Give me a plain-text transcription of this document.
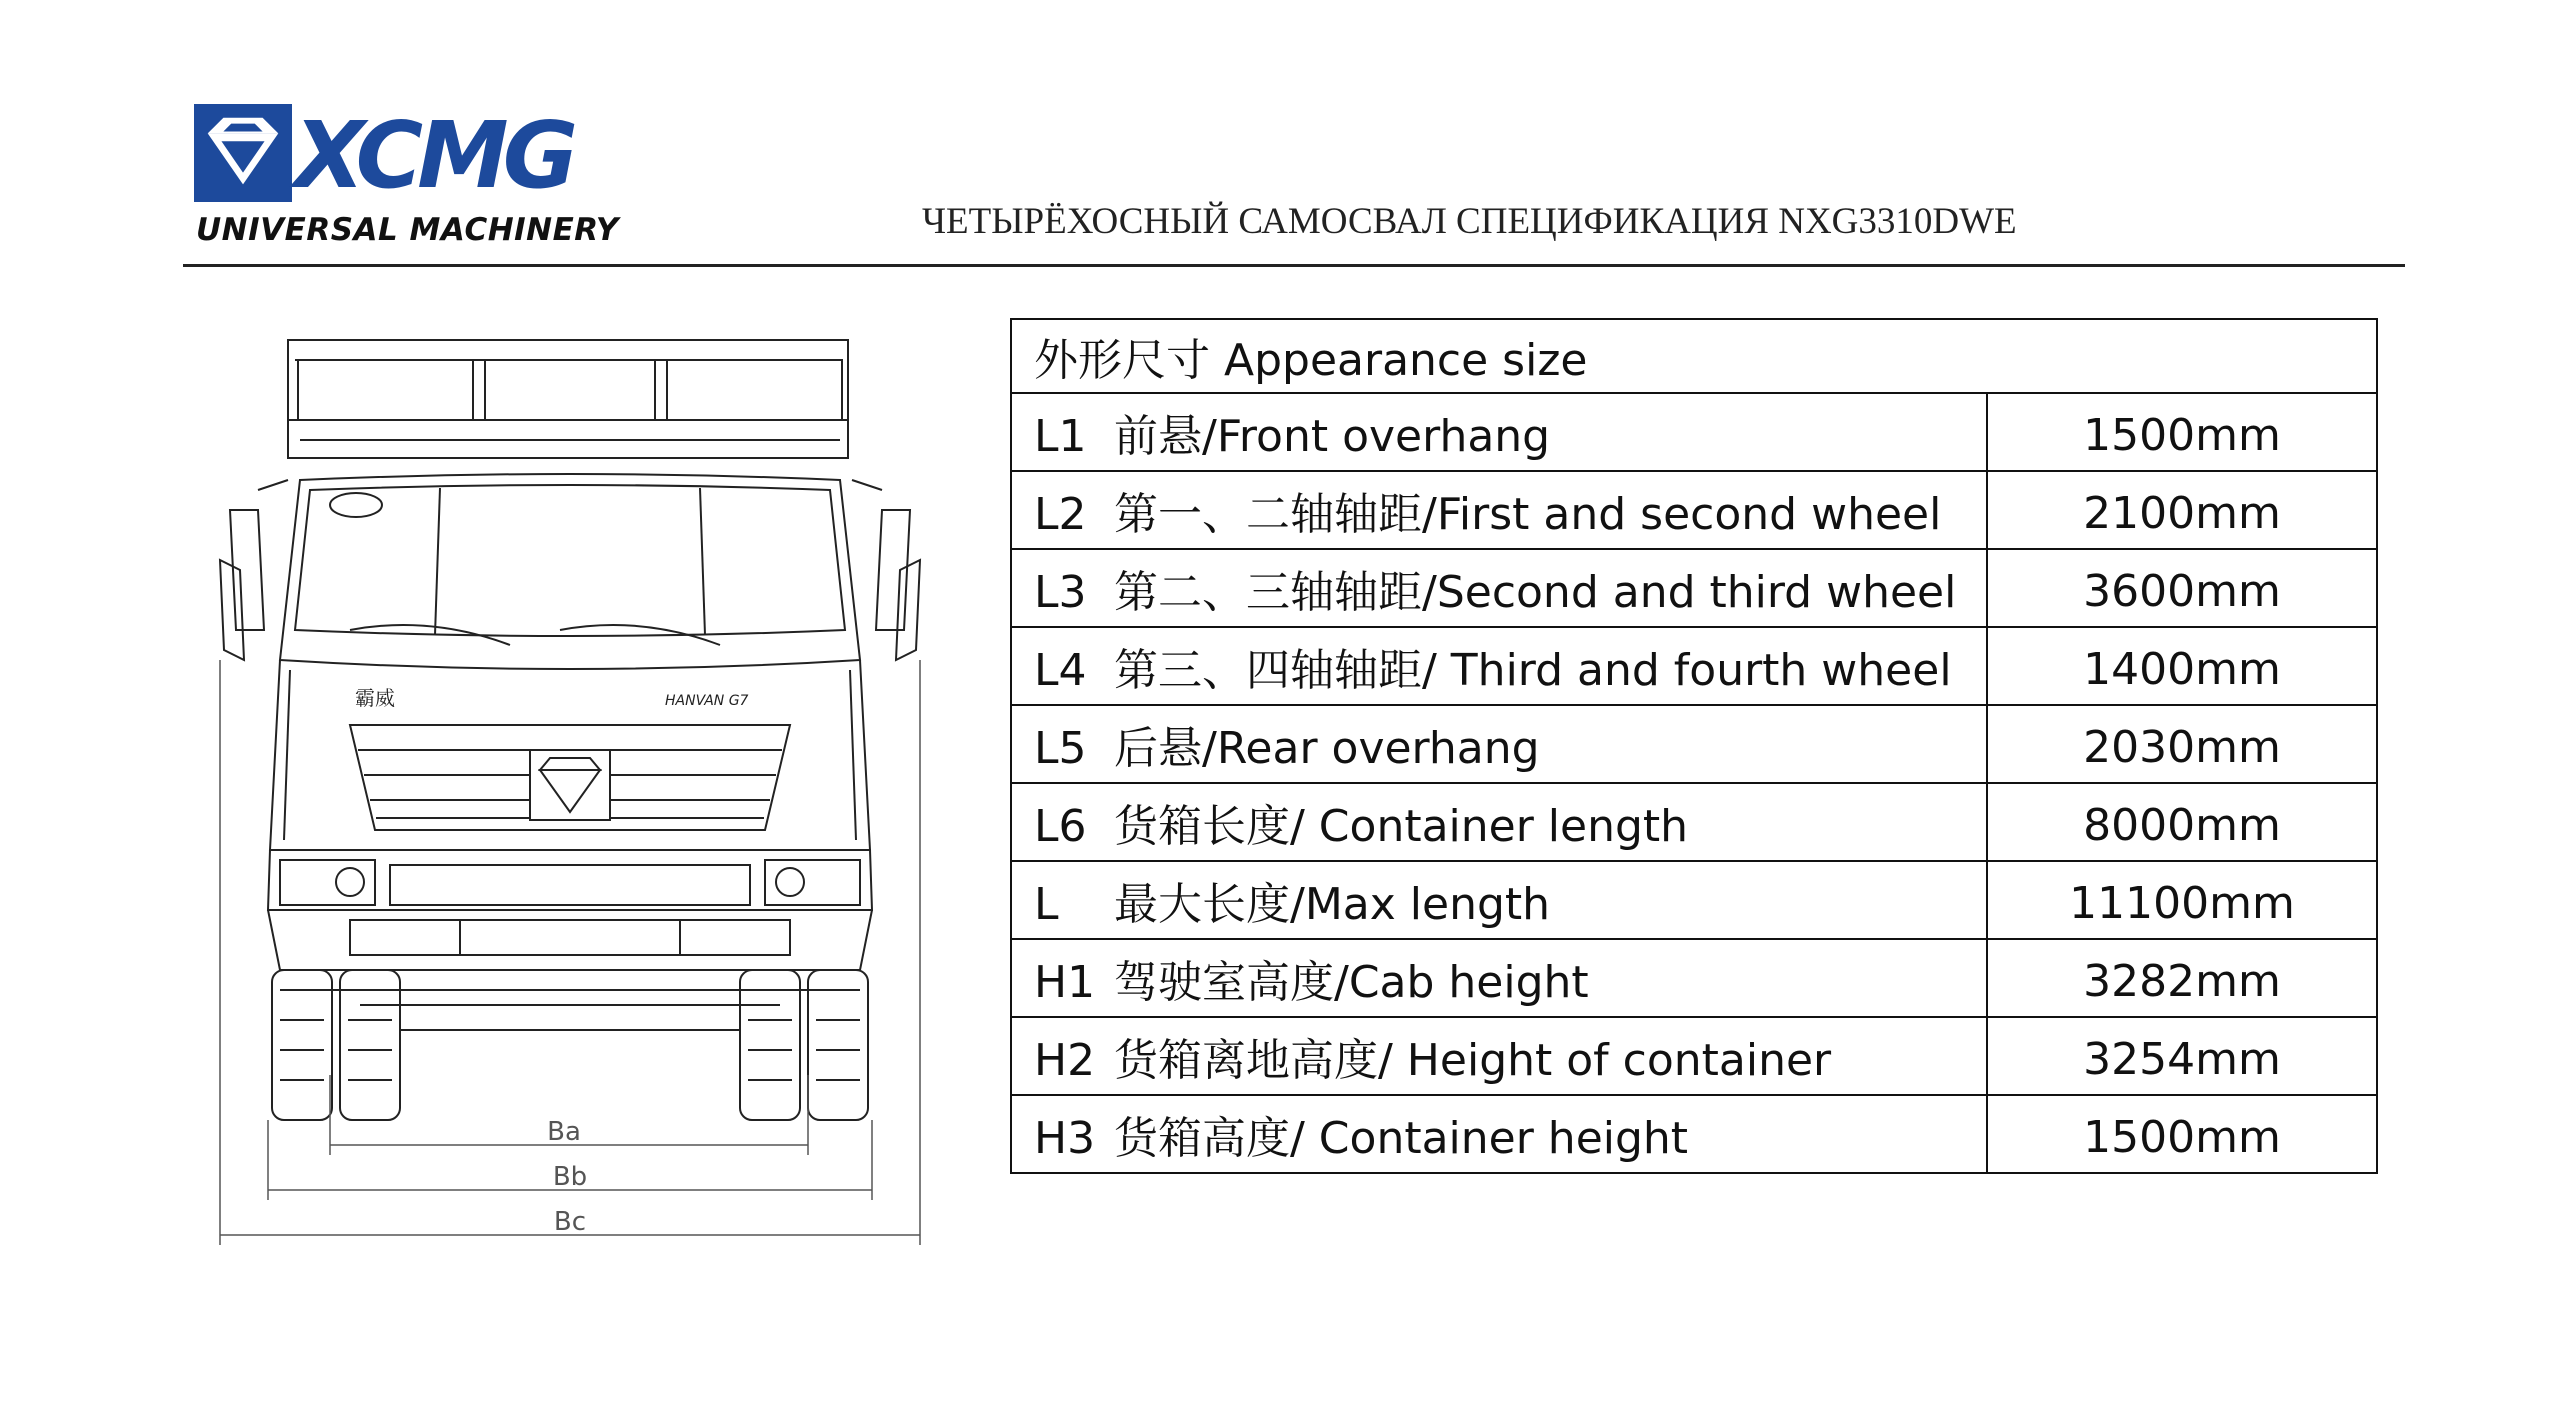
XCMG
UNIVERSAL MACHINERY	ЧЕТЫРЁХОСНЫЙ САМОСВАЛ СПЕЦИФИКАЦИЯ NXG3310DWE
霸威	HANVAN G7
Ba
Bb
Bc
外形尺寸 Appearance size	
L1 前悬/Front overhang	1500mm
L2 第一、二轴轴距/First and second wheel	2100mm
L3 第二、三轴轴距/Second and third wheel	3600mm
L4 第三、四轴轴距/ Third and fourth wheel	1400mm
L5 后悬/Rear overhang	2030mm
L6 货箱长度/ Container length	8000mm
L 最大长度/Max length	11100mm
H1 驾驶室高度/Cab height	3282mm
H2 货箱离地高度/ Height of container	3254mm
H3 货箱高度/ Container height	1500mm
